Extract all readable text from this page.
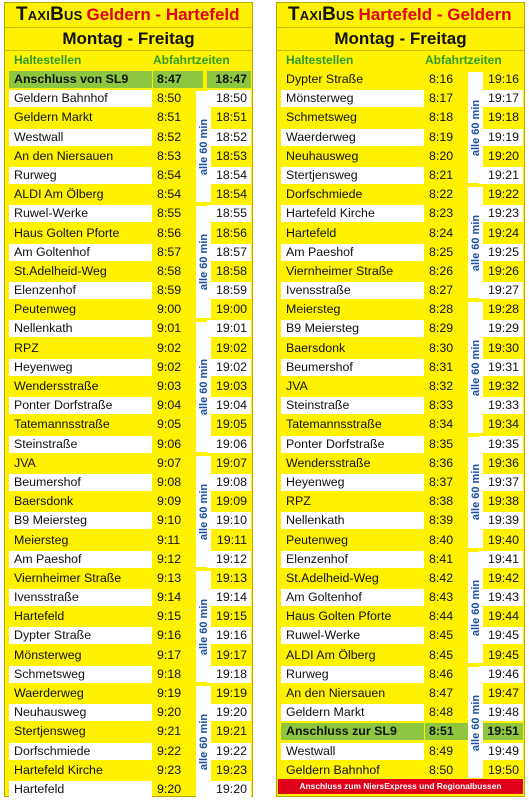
TaxiBus Geldern - Hartefeld
Montag - Freitag
Haltestellen	Abfahrtzeiten
Anschluss von SL9	8:47	18:47
Geldern Bahnhof	8:50	18:50
Geldern Markt	8:51	18:51
Westwall	8:52	18:52
An den Niersauen	8:53	18:53
Rurweg	8:54	18:54
ALDI Am Ölberg	8:54	18:54
Ruwel-Werke	8:55	18:55
Haus Golten Pforte	8:56	18:56
Am Goltenhof	8:57	18:57
St.Adelheid-Weg	8:58	18:58
Elenzenhof	8:59	18:59
Peutenweg	9:00	19:00
Nellenkath	9:01	19:01
RPZ	9:02	19:02
Heyenweg	9:02	19:02
Wendersstraße	9:03	19:03
Ponter Dorfstraße	9:04	19:04
Tatemannsstraße	9:05	19:05
Steinstraße	9:06	19:06
JVA	9:07	19:07
Beumershof	9:08	19:08
Baersdonk	9:09	19:09
B9 Meiersteg	9:10	19:10
Meiersteg	9:11	19:11
Am Paeshof	9:12	19:12
Viernheimer Straße	9:13	19:13
Ivensstraße	9:14	19:14
Hartefeld	9:15	19:15
Dypter Straße	9:16	19:16
Mönsterweg	9:17	19:17
Schmetsweg	9:18	19:18
Waerderweg	9:19	19:19
Neuhausweg	9:20	19:20
Stertjensweg	9:21	19:21
Dorfschmiede	9:22	19:22
Hartefeld Kirche	9:23	19:23
Hartefeld	9:20	19:20
alle 60 min
alle 60 min
alle 60 min
alle 60 min
alle 60 min
alle 60 min
TaxiBus Hartefeld - Geldern
Montag - Freitag
Haltestellen	Abfahrtzeiten
Dypter Straße	8:16	19:16
Mönsterweg	8:17	19:17
Schmetsweg	8:18	19:18
Waerderweg	8:19	19:19
Neuhausweg	8:20	19:20
Stertjensweg	8:21	19:21
Dorfschmiede	8:22	19:22
Hartefeld Kirche	8:23	19:23
Hartefeld	8:24	19:24
Am Paeshof	8:25	19:25
Viernheimer Straße	8:26	19:26
Ivensstraße	8:27	19:27
Meiersteg	8:28	19:28
B9 Meiersteg	8:29	19:29
Baersdonk	8:30	19:30
Beumershof	8:31	19:31
JVA	8:32	19:32
Steinstraße	8:33	19:33
Tatemannsstraße	8:34	19:34
Ponter Dorfstraße	8:35	19:35
Wendersstraße	8:36	19:36
Heyenweg	8:37	19:37
RPZ	8:38	19:38
Nellenkath	8:39	19:39
Peutenweg	8:40	19:40
Elenzenhof	8:41	19:41
St.Adelheid-Weg	8:42	19:42
Am Goltenhof	8:43	19:43
Haus Golten Pforte	8:44	19:44
Ruwel-Werke	8:45	19:45
ALDI Am Ölberg	8:45	19:45
Rurweg	8:46	19:46
An den Niersauen	8:47	19:47
Geldern Markt	8:48	19:48
Anschluss zur SL9	8:51	19:51
Westwall	8:49	19:49
Geldern Bahnhof	8:50	19:50
alle 60 min
alle 60 min
alle 60 min
alle 60 min
alle 60 min
alle 60 min
Anschluss zum NiersExpress und Regionalbussen
